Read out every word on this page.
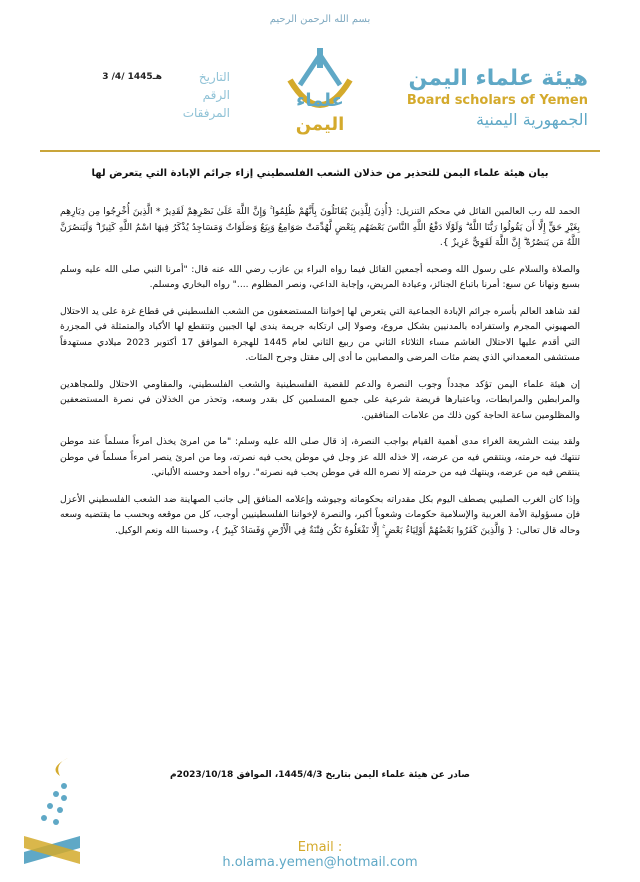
بسم الله الرحمن الرحيم
التاريخ
3 /4/ 1445هـ
الرقم
المرفقات
علماء
اليمن
هيئة علماء اليمن
Board scholars of Yemen
الجمهورية اليمنية
بيان هيئة علماء اليمن للتحذير من خذلان الشعب الفلسطيني إزاء جرائم الإبادة التي يتعرض لها

الحمد لله رب العالمين القائل في محكم التنزيل: {أُذِنَ لِلَّذِينَ يُقَاتَلُونَ بِأَنَّهُمْ ظُلِمُوا ۚ وَإِنَّ اللَّهَ عَلَىٰ نَصْرِهِمْ لَقَدِيرٌ * الَّذِينَ أُخْرِجُوا مِن دِيَارِهِم بِغَيْرِ حَقٍّ إِلَّا أَن يَقُولُوا رَبُّنَا اللَّهُ ۗ وَلَوْلَا دَفْعُ اللَّهِ النَّاسَ بَعْضَهُم بِبَعْضٍ لَّهُدِّمَتْ صَوَامِعُ وَبِيَعٌ وَصَلَوَاتٌ وَمَسَاجِدُ يُذْكَرُ فِيهَا اسْمُ اللَّهِ كَثِيرًا ۗ وَلَيَنصُرَنَّ اللَّهُ مَن يَنصُرُهُ ۗ إِنَّ اللَّهَ لَقَوِيٌّ عَزِيزٌ }.

والصلاة والسلام على رسول الله وصحبه أجمعين القائل فيما رواه البراء بن عازب رضي الله عنه قال: "أمرنا النبي صلى الله عليه وسلم بسبع ونهانا عن سبع: أمرنا باتباع الجنائز، وعيادة المريض، وإجابة الداعي، ونصر المظلوم ...." رواه البخاري ومسلم.

لقد شاهد العالم بأسره جرائم الإبادة الجماعية التي يتعرض لها إخواننا المستضعفون من الشعب الفلسطيني في قطاع غزة على يد الاحتلال الصهيوني المجرم واستفراده بالمدنيين بشكل مروع، وصولا إلى ارتكابه جريمة يندى لها الجبين وتتقطع لها الأكباد والمتمثلة في المجزرة التي أقدم عليها الاحتلال الغاشم مساء الثلاثاء الثاني من ربيع الثاني لعام 1445 للهجرة الموافق 17 أكتوبر 2023 ميلادي مستهدفاً مستشفى المعمداني الذي يضم مئات المرضى والمصابين ما أدى إلى مقتل وجرح المئات.

إن هيئة علماء اليمن تؤكد مجدداً وجوب النصرة والدعم للقضية الفلسطينية والشعب الفلسطيني، والمقاومي الاحتلال وللمجاهدين والمرابطين والمرابطات، وباعتبارها فريضة شرعية على جميع المسلمين كل بقدر وسعه، وتحذر من الخذلان في نصرة المستضعفين والمظلومين ساعة الحاجة كون ذلك من علامات المنافقين.

ولقد بينت الشريعة الغراء مدى أهمية القيام بواجب النصرة، إذ قال صلى الله عليه وسلم: "ما من امرئ يخذل امرءاً مسلماً عند موطن تنتهك فيه حرمته، وينتقص فيه من عرضه، إلا خذله الله عز وجل في موطن يحب فيه نصرته، وما من امرئ ينصر امرءاً مسلماً في موطن ينتقص فيه من عرضه، وينتهك فيه من حرمته إلا نصره الله في موطن يحب فيه نصرته". رواه أحمد وحسنه الألباني.

وإذا كان الغرب الصليبي يصطف اليوم بكل مقدراته بحكوماته وجيوشه وإعلامه المنافق إلى جانب الصهاينة ضد الشعب الفلسطيني الأعزل فإن مسؤولية الأمة العربية والإسلامية حكومات وشعوباً أكبر، والنصرة لإخواننا الفلسطينيين أوجب، كل من موقعه وبحسب ما يقتضيه وسعه وحاله قال تعالى: { وَالَّذِينَ كَفَرُوا بَعْضُهُمْ أَوْلِيَاءُ بَعْضٍ ۚ إِلَّا تَفْعَلُوهُ تَكُن فِتْنَةٌ فِي الْأَرْضِ وَفَسَادٌ كَبِيرٌ }، وحسبنا الله ونعم الوكيل.

صادر عن هيئة علماء اليمن بتاريخ 1445/4/3، الموافق 2023/10/18م
Email : h.olama.yemen@hotmail.com
